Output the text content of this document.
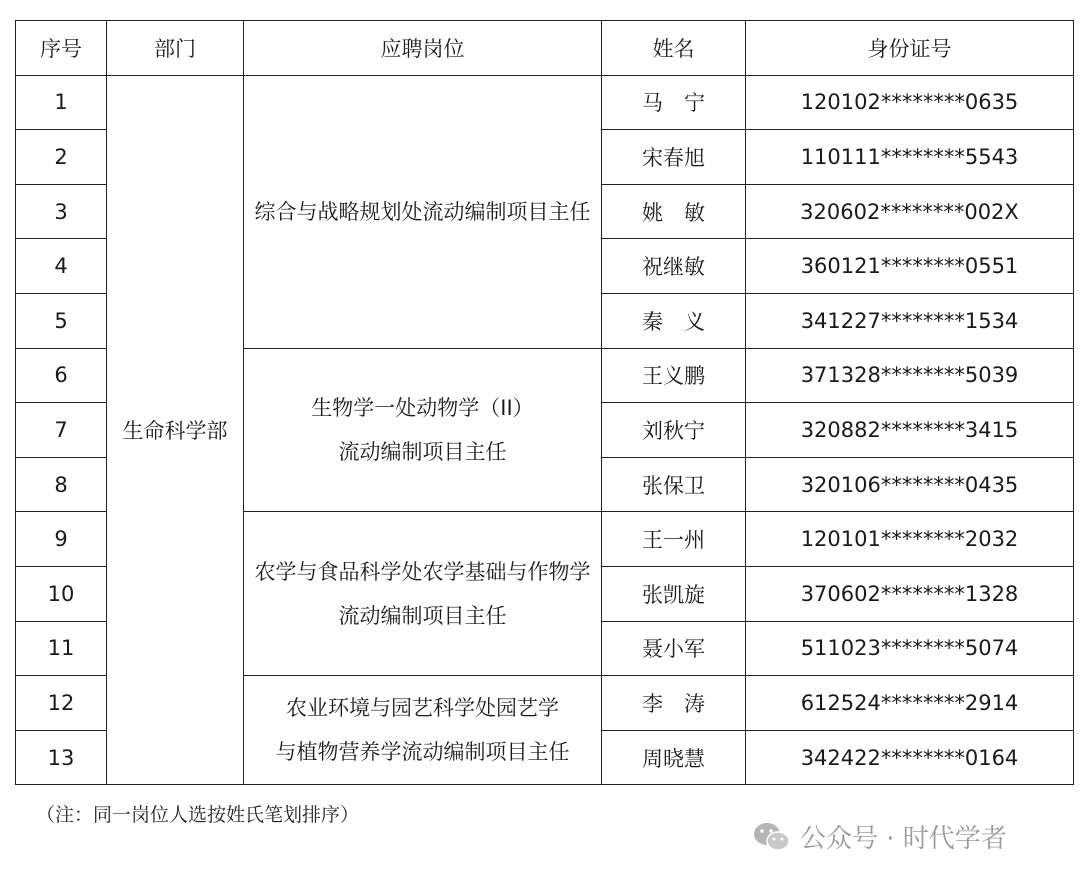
序号	部门	应聘岗位	姓名	身份证号
1	生命科学部	综合与战略规划处流动编制项目主任	马　宁	120102********0635
2			宋春旭	110111********5543
3			姚　敏	320602********002X
4			祝继敏	360121********0551
5			秦　义	341227********1534
6		生物学一处动物学（II）
流动编制项目主任	王义鹏	371328********5039
7			刘秋宁	320882********3415
8			张保卫	320106********0435
9		农学与食品科学处农学基础与作物学
流动编制项目主任	王一州	120101********2032
10			张凯旋	370602********1328
11			聂小军	511023********5074
12		农业环境与园艺科学处园艺学
与植物营养学流动编制项目主任	李　涛	612524********2914
13			周晓慧	342422********0164
（注：同一岗位人选按姓氏笔划排序）
公众号 · 时代学者
